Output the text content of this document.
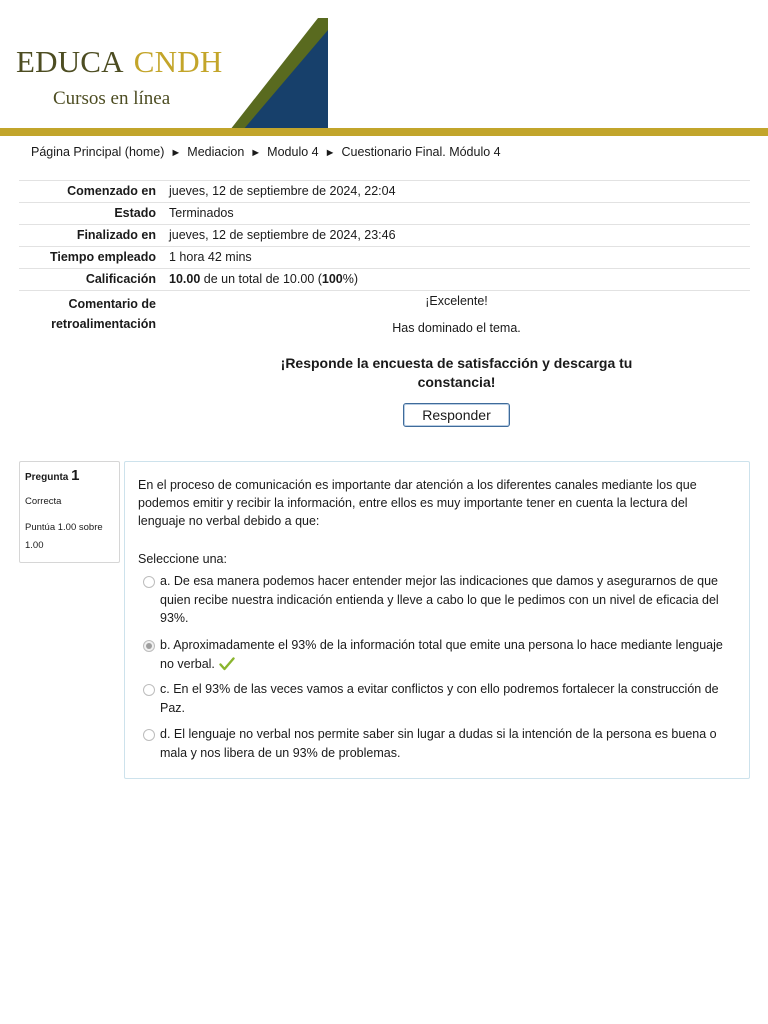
EDUCA CNDH
Cursos en línea
Página Principal (home) ► Mediacion ► Modulo 4 ► Cuestionario Final. Módulo 4
Comenzado en	jueves, 12 de septiembre de 2024, 22:04
Estado	Terminados
Finalizado en	jueves, 12 de septiembre de 2024, 23:46
Tiempo empleado	1 hora 42 mins
Calificación	10.00 de un total de 10.00 (100%)
Comentario de
retroalimentación	¡Excelente!
Has dominado el tema.
¡Responde la encuesta de satisfacción y descarga tu constancia!
Responder
Pregunta 1
Correcta
Puntúa 1.00 sobre 1.00
En el proceso de comunicación es importante dar atención a los diferentes canales mediante los que podemos emitir y recibir la información, entre ellos es muy importante tener en cuenta la lectura del lenguaje no verbal debido a que:
Seleccione una:
a. De esa manera podemos hacer entender mejor las indicaciones que damos y asegurarnos de que quien recibe nuestra indicación entienda y lleve a cabo lo que le pedimos con un nivel de eficacia del 93%.
b. Aproximadamente el 93% de la información total que emite una persona lo hace mediante lenguaje no verbal.
c. En el 93% de las veces vamos a evitar conflictos y con ello podremos fortalecer la construcción de Paz.
d. El lenguaje no verbal nos permite saber sin lugar a dudas si la intención de la persona es buena o mala y nos libera de un 93% de problemas.
